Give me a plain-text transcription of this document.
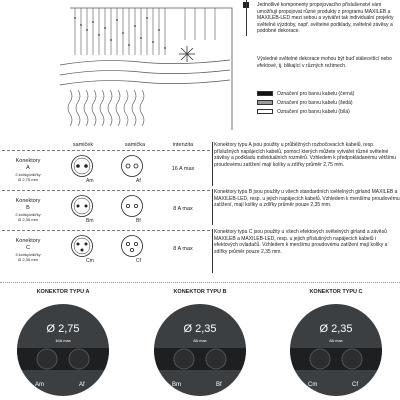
Jednotlivé komponenty propojovacího příslušenství vám umožňují propojovat různé produkty z programu MAXILEB a MAXILEB-LED mezi sebou a vytvářet tak individuální projekty světelné výzdoby, např. světelné podklady, světelné závěsy a podobné dekorace.

Výsledné světelné dekorace mohou být buď stálesvítící nebo efektové, tj. blikající v různých režimech.

Označení pro barvu kabelu (černá)
Označení pro barvu kabelu (šedá)
Označení pro barvu kabelu (bílá)
samiček	samička	intenzita
Konektory
A
2 kolíky/zdířky
Ø 2,75 mm	Am	Af
16 A max
Konektory
B
2 kolíky/zdířky
Ø 2,35 mm	Bm	Bf
8 A max
Konektory
C
3 kolíky/zdířky
Ø 2,35 mm	Cm	Cf
8 A max

Konektory typu A jsou použity u průběžných rozbočovacích kabelů, resp. příslušných napájecích kabelů, pomocí kterých můžete vytvářet různé světelné závěsy a podkladu individuálních rozměrů. Vzhledem k předpokládanému většímu proudovému zatížení mají kolíky a zdířky průměr 2,75 mm.

Konektory typu B jsou použity u všech standardních světelných girland MAXILEB a MAXILEB-LED, resp. u jejich napájecích kabelů. Vzhledem k menšímu proudovému zatížení, mají kolíky a zdířky průměr pouze 2,35 mm.

Konektory typu C jsou použity u všech efektových světelných girland a závěsů MAXILEB a MAXILEB-LED, resp. u jejich příslušných napájecích kabelů i efektových ovladačů. Vzhledem k menšímu proudovému zatížení mají kolíky a zdířky průměr pouze 2,35 mm.

KONEKTOR TYPU A	KONEKTOR TYPU B	KONEKTOR TYPU C
Ø 2,75
16A max
Am	Af
Ø 2,35
8A max
Bm	Bf
Ø 2,35
8A max
Cm	Cf
